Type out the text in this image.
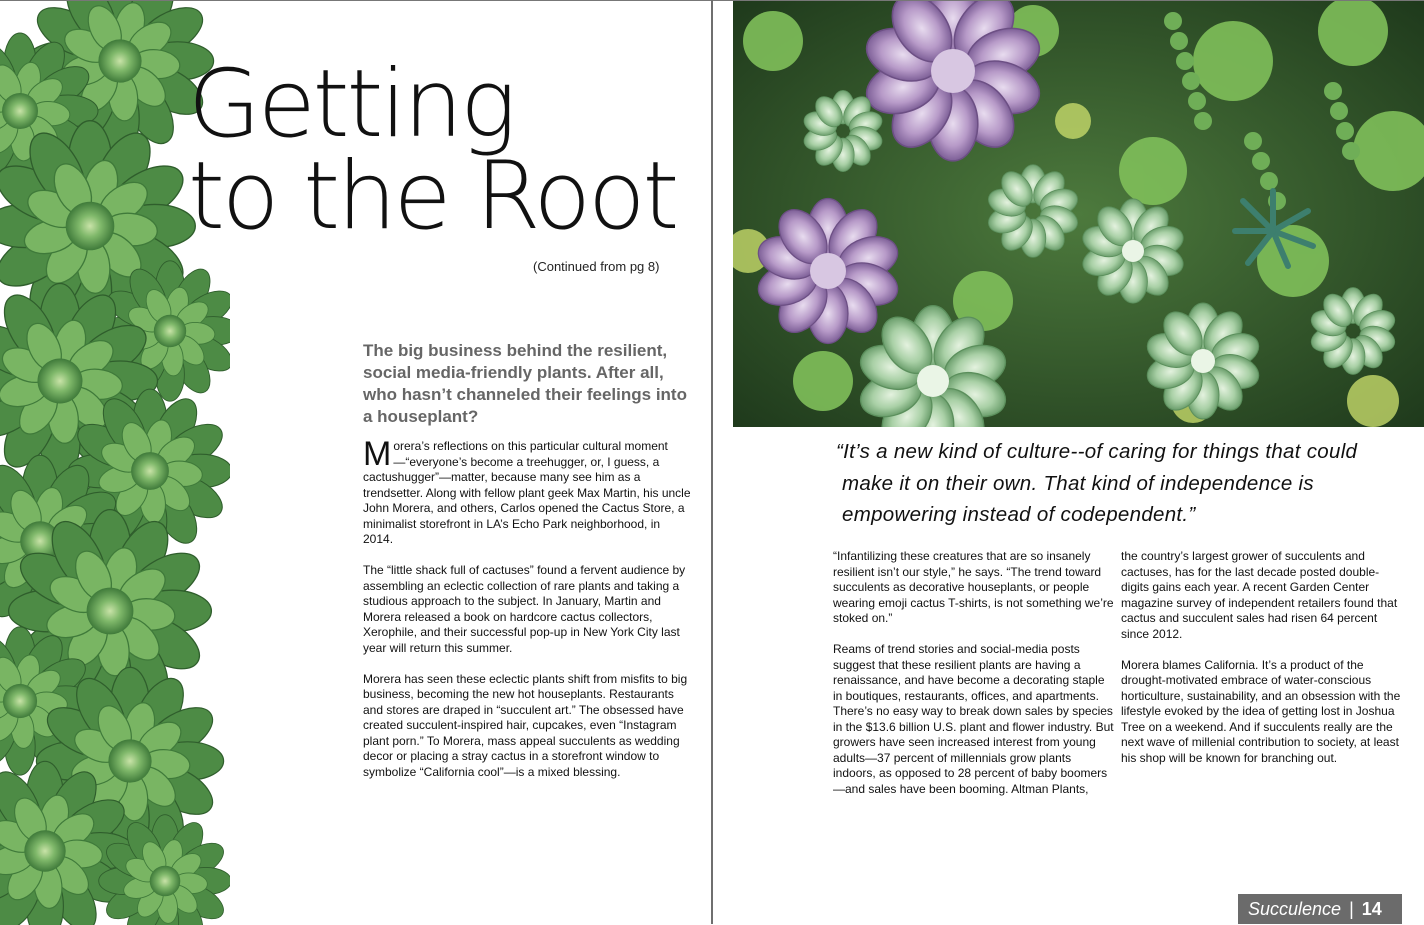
Getting
to the Root
(Continued from pg 8)

The big business behind the resilient, social media-friendly plants. After all, who hasn’t channeled their feelings into a houseplant?

Morera’s reflections on this particular cultural moment—“everyone’s become a treehugger, or, I guess, a cactushugger”—matter, because many see him as a trendsetter. Along with fellow plant geek Max Martin, his uncle John Morera, and others, Carlos opened the Cactus Store, a minimalist storefront in LA’s Echo Park neighborhood, in 2014.

The “little shack full of cactuses” found a fervent audience by assembling an eclectic collection of rare plants and taking a studious approach to the subject. In January, Martin and Morera released a book on hardcore cactus collectors, Xerophile, and their successful pop-up in New York City last year will return this summer.

Morera has seen these eclectic plants shift from misfits to big business, becoming the new hot houseplants. Restaurants and stores are draped in “succulent art.” The obsessed have created succulent-inspired hair, cupcakes, even “Instagram plant porn.” To Morera, mass appeal succulents as wedding decor or placing a stray cactus in a storefront window to symbolize “California cool”—is a mixed blessing.

“It’s a new kind of culture--of caring for things that could
make it on their own. That kind of independence is
empowering instead of codependent.”

“Infantilizing these creatures that are so insanely resilient isn’t our style,” he says. “The trend toward succulents as decorative houseplants, or people wearing emoji cactus T-shirts, is not something we’re stoked on.”

Reams of trend stories and social-media posts suggest that these resilient plants are having a renaissance, and have become a decorating staple in boutiques, restaurants, offices, and apartments. There’s no easy way to break down sales by species in the $13.6 billion U.S. plant and flower industry. But growers have seen increased interest from young adults—37 percent of millennials grow plants indoors, as opposed to 28 percent of baby boomers—and sales have been booming. Altman Plants,

the country’s largest grower of succulents and cactuses, has for the last decade posted double-digits gains each year. A recent Garden Center magazine survey of independent retailers found that cactus and succulent sales had risen 64 percent since 2012.

Morera blames California. It’s a product of the drought-motivated embrace of water-conscious horticulture, sustainability, and an obsession with the lifestyle evoked by the idea of getting lost in Joshua Tree on a weekend. And if succulents really are the next wave of millenial contribution to society, at least his shop will be known for branching out.

Succulence | 14
